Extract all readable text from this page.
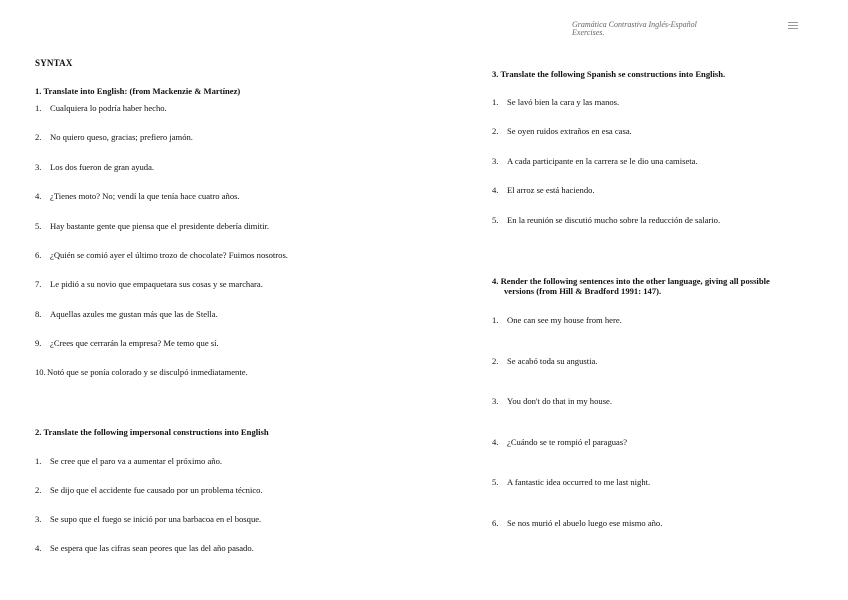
Gramática Contrastiva Inglés-Español
Exercises.
SYNTAX
1. Translate into English: (from Mackenzie & Martínez)
1. Cualquiera lo podría haber hecho.
2. No quiero queso, gracias; prefiero jamón.
3. Los dos fueron de gran ayuda.
4. ¿Tienes moto? No; vendí la que tenía hace cuatro años.
5. Hay bastante gente que piensa que el presidente debería dimitir.
6. ¿Quién se comió ayer el último trozo de chocolate? Fuimos nosotros.
7. Le pidió a su novio que empaquetara sus cosas y se marchara.
8. Aquellas azules me gustan más que las de Stella.
9. ¿Crees que cerrarán la empresa? Me temo que sí.
10.Notó que se ponía colorado y se disculpó inmediatamente.
2. Translate the following impersonal constructions into English
1. Se cree que el paro va a aumentar el próximo año.
2. Se dijo que el accidente fue causado por un problema técnico.
3. Se supo que el fuego se inició por una barbacoa en el bosque.
4. Se espera que las cifras sean peores que las del año pasado.
3. Translate the following Spanish se constructions into English.
1. Se lavó bien la cara y las manos.
2. Se oyen ruidos extraños en esa casa.
3. A cada participante en la carrera se le dio una camiseta.
4. El arroz se está haciendo.
5. En la reunión se discutió mucho sobre la reducción de salario.
4. Render the following sentences into the other language, giving all possible
versions (from Hill & Bradford 1991: 147).
1. One can see my house from here.
2. Se acabó toda su angustia.
3. You don't do that in my house.
4. ¿Cuándo se te rompió el paraguas?
5. A fantastic idea occurred to me last night.
6. Se nos murió el abuelo luego ese mismo año.
